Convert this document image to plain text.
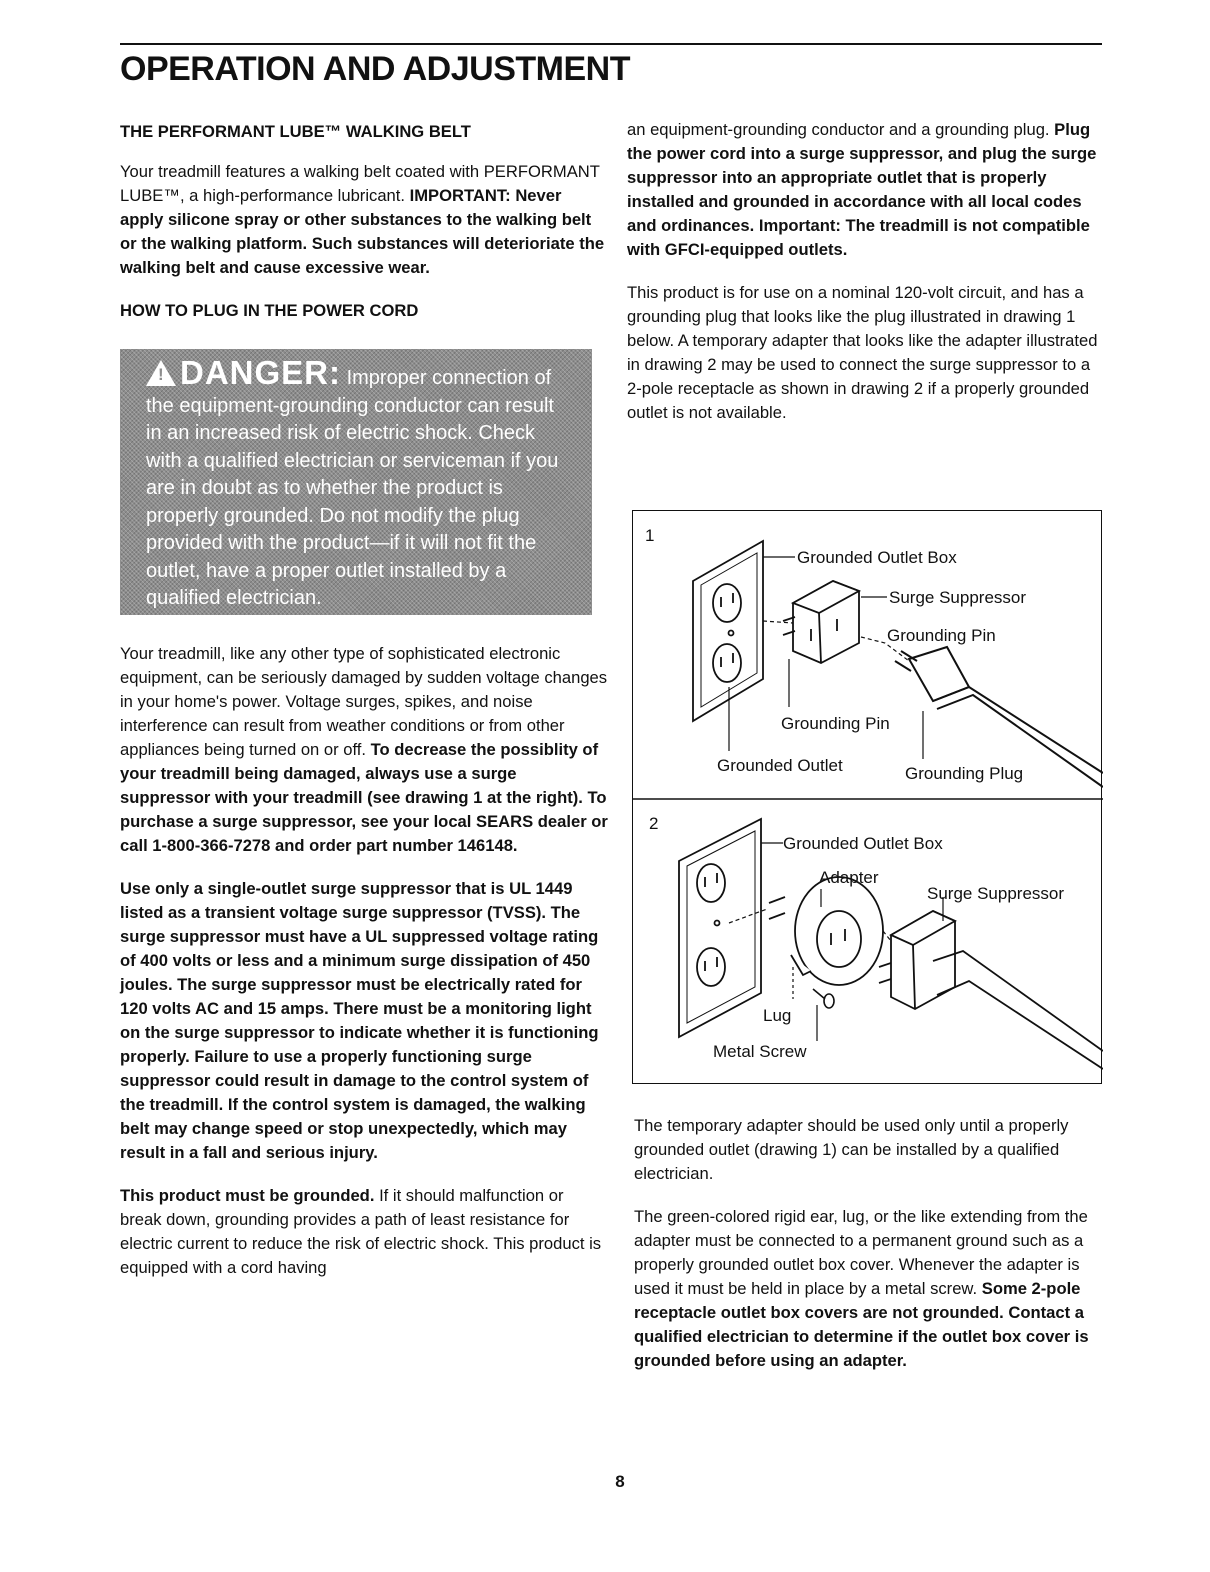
OPERATION AND ADJUSTMENT
THE PERFORMANT LUBE™ WALKING BELT

Your treadmill features a walking belt coated with PERFORMANT LUBE™, a high-performance lubricant. IMPORTANT: Never apply silicone spray or other substances to the walking belt or the walking platform. Such substances will deterioriate the walking belt and cause excessive wear.

HOW TO PLUG IN THE POWER CORD
!DANGER: Improper connection of the equipment-grounding conductor can result in an increased risk of electric shock. Check with a qualified electrician or serviceman if you are in doubt as to whether the product is properly grounded. Do not modify the plug provided with the product—if it will not fit the outlet, have a proper outlet installed by a qualified electrician.

Your treadmill, like any other type of sophisticated electronic equipment, can be seriously damaged by sudden voltage changes in your home's power. Voltage surges, spikes, and noise interference can result from weather conditions or from other appliances being turned on or off. To decrease the possiblity of your treadmill being damaged, always use a surge suppressor with your treadmill (see drawing 1 at the right). To purchase a surge suppressor, see your local SEARS dealer or call 1-800-366-7278 and order part number 146148.

Use only a single-outlet surge suppressor that is UL 1449 listed as a transient voltage surge suppressor (TVSS). The surge suppressor must have a UL suppressed voltage rating of 400 volts or less and a minimum surge dissipation of 450 joules. The surge suppressor must be electrically rated for 120 volts AC and 15 amps. There must be a monitoring light on the surge suppressor to indicate whether it is functioning properly. Failure to use a properly functioning surge suppressor could result in damage to the control system of the treadmill. If the control system is damaged, the walking belt may change speed or stop unexpectedly, which may result in a fall and serious injury.

This product must be grounded. If it should malfunction or break down, grounding provides a path of least resistance for electric current to reduce the risk of electric shock. This product is equipped with a cord having

an equipment-grounding conductor and a grounding plug. Plug the power cord into a surge suppressor, and plug the surge suppressor into an appropriate outlet that is properly installed and grounded in accordance with all local codes and ordinances. Important: The treadmill is not compatible with GFCI-equipped outlets.

This product is for use on a nominal 120-volt circuit, and has a grounding plug that looks like the plug illustrated in drawing 1 below. A temporary adapter that looks like the adapter illustrated in drawing 2 may be used to connect the surge suppressor to a 2-pole receptacle as shown in drawing 2 if a properly grounded outlet is not available.

1
Grounded Outlet Box
Surge Suppressor
Grounding Pin
Grounding Pin
Grounded Outlet	Grounding Plug
2
Grounded Outlet Box
Adapter
Surge Suppressor
Lug
Metal Screw

The temporary adapter should be used only until a properly grounded outlet (drawing 1) can be installed by a qualified electrician.

The green-colored rigid ear, lug, or the like extending from the adapter must be connected to a permanent ground such as a properly grounded outlet box cover. Whenever the adapter is used it must be held in place by a metal screw. Some 2-pole receptacle outlet box covers are not grounded. Contact a qualified electrician to determine if the outlet box cover is grounded before using an adapter.

8
